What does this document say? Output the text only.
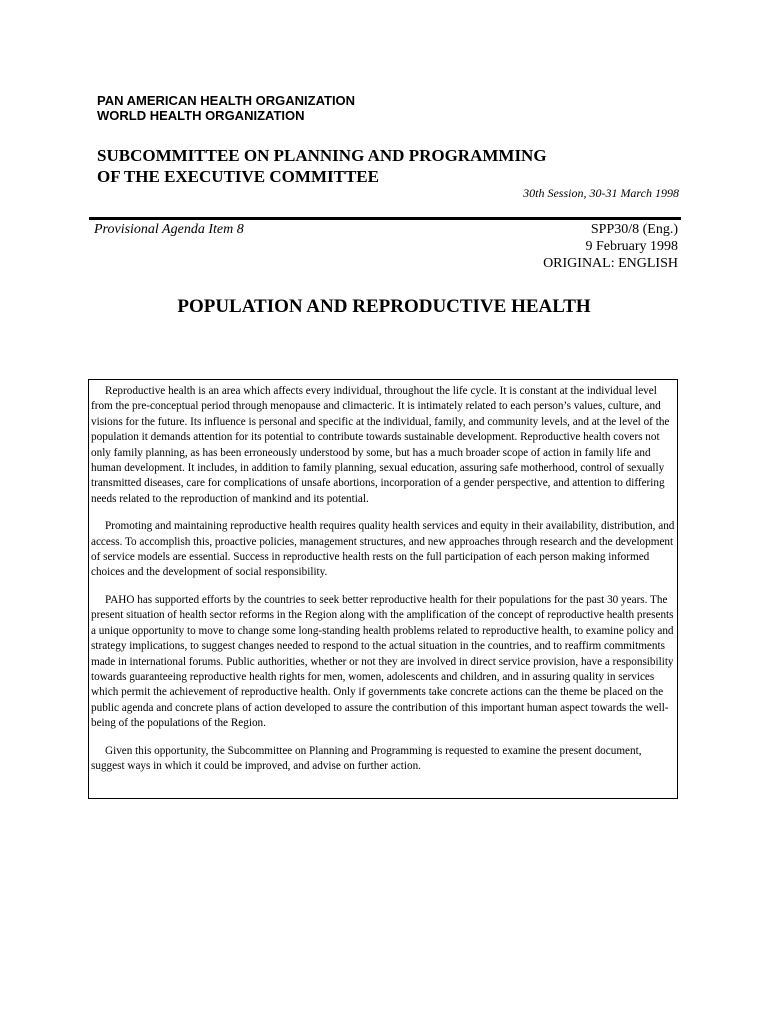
PAN AMERICAN HEALTH ORGANIZATION
WORLD HEALTH ORGANIZATION
SUBCOMMITTEE ON PLANNING AND PROGRAMMING
OF THE EXECUTIVE COMMITTEE
30th Session, 30-31 March 1998
Provisional Agenda Item 8	SPP30/8 (Eng.)
9 February 1998
ORIGINAL: ENGLISH
POPULATION AND REPRODUCTIVE HEALTH

Reproductive health is an area which affects every individual, throughout the life cycle. It is constant at the individual level from the pre-conceptual period through menopause and climacteric. It is intimately related to each person’s values, culture, and visions for the future. Its influence is personal and specific at the individual, family, and community levels, and at the level of the population it demands attention for its potential to contribute towards sustainable development. Reproductive health covers not only family planning, as has been erroneously understood by some, but has a much broader scope of action in family life and human development. It includes, in addition to family planning, sexual education, assuring safe motherhood, control of sexually transmitted diseases, care for complications of unsafe abortions, incorporation of a gender perspective, and attention to differing needs related to the reproduction of mankind and its potential.

Promoting and maintaining reproductive health requires quality health services and equity in their availability, distribution, and access. To accomplish this, proactive policies, management structures, and new approaches through research and the development of service models are essential. Success in reproductive health rests on the full participation of each person making informed choices and the development of social responsibility.

PAHO has supported efforts by the countries to seek better reproductive health for their populations for the past 30 years. The present situation of health sector reforms in the Region along with the amplification of the concept of reproductive health presents a unique opportunity to move to change some long-standing health problems related to reproductive health, to examine policy and strategy implications, to suggest changes needed to respond to the actual situation in the countries, and to reaffirm commitments made in international forums. Public authorities, whether or not they are involved in direct service provision, have a responsibility towards guaranteeing reproductive health rights for men, women, adolescents and children, and in assuring quality in services which permit the achievement of reproductive health. Only if governments take concrete actions can the theme be placed on the public agenda and concrete plans of action developed to assure the contribution of this important human aspect towards the well-being of the populations of the Region.

Given this opportunity, the Subcommittee on Planning and Programming is requested to examine the present document, suggest ways in which it could be improved, and advise on further action.
